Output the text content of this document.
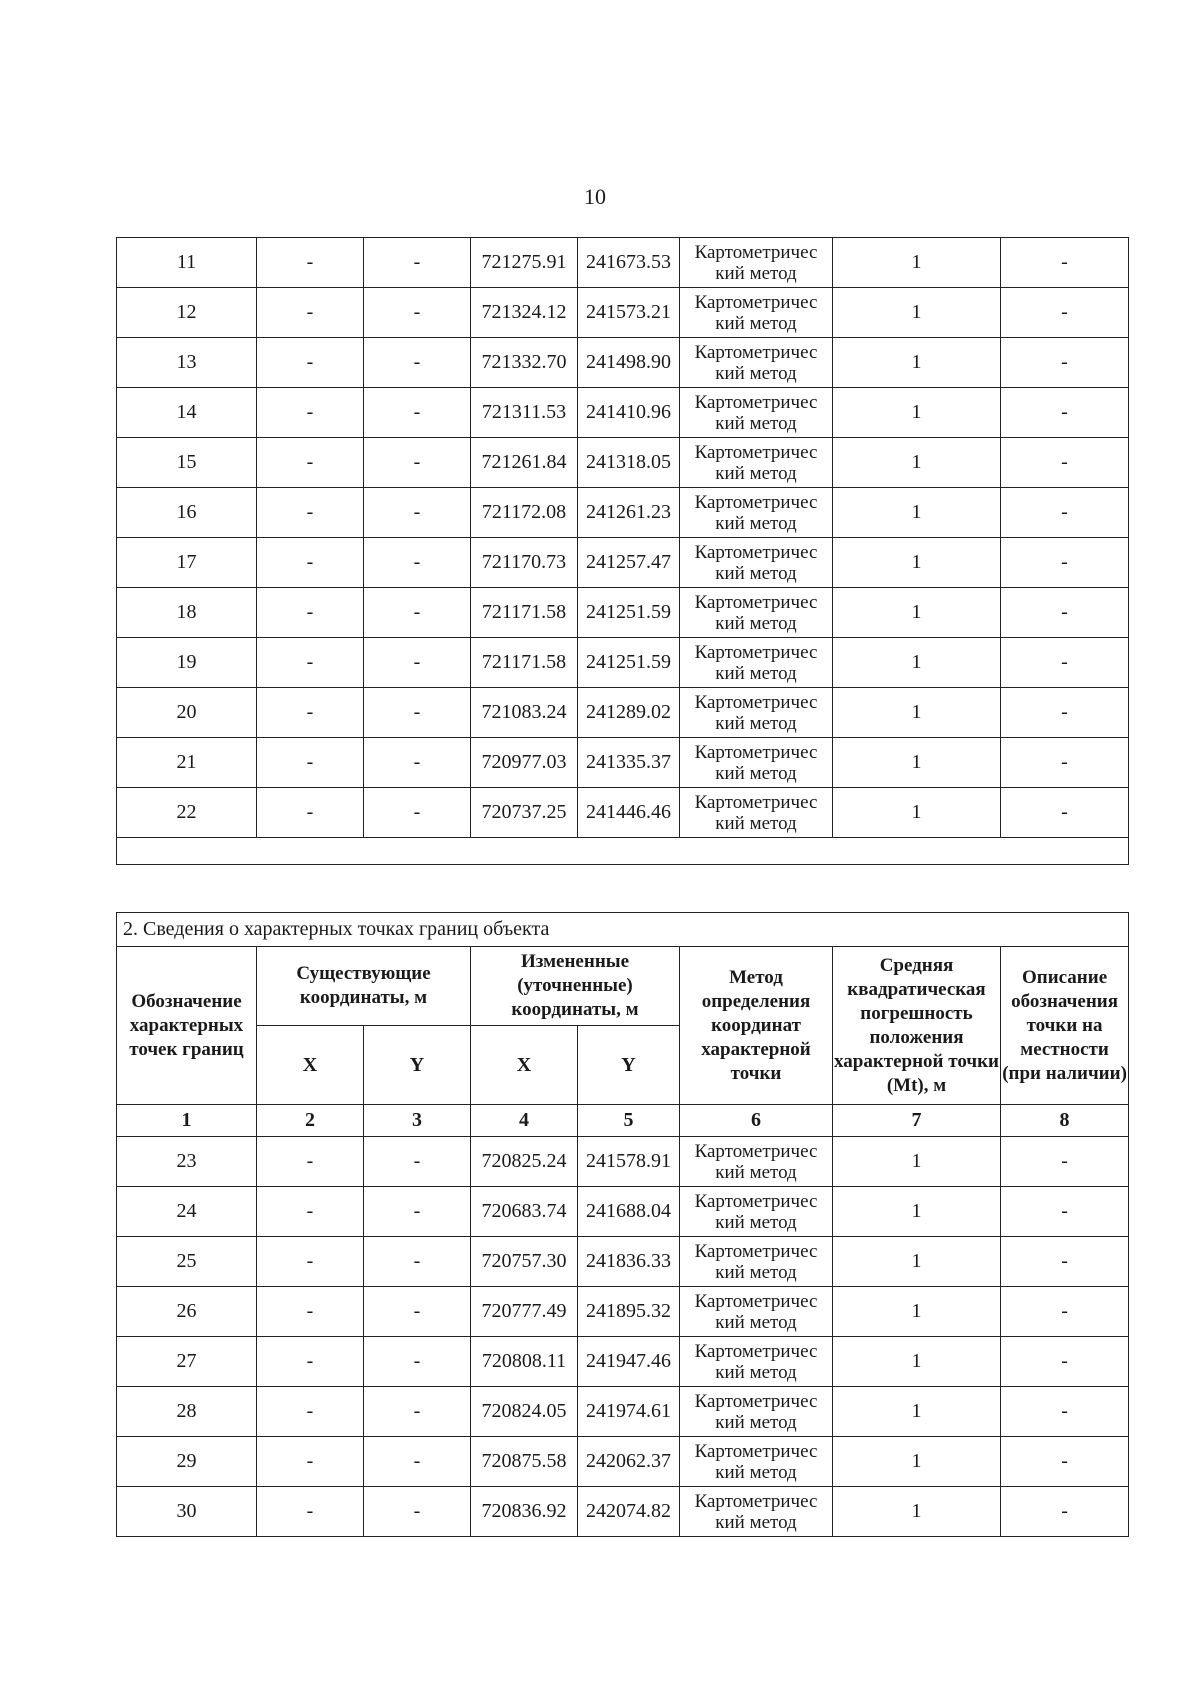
10
11	-	-	721275.91	241673.53	Картометричес
кий метод	1	-
12	-	-	721324.12	241573.21	Картометричес
кий метод	1	-
13	-	-	721332.70	241498.90	Картометричес
кий метод	1	-
14	-	-	721311.53	241410.96	Картометричес
кий метод	1	-
15	-	-	721261.84	241318.05	Картометричес
кий метод	1	-
16	-	-	721172.08	241261.23	Картометричес
кий метод	1	-
17	-	-	721170.73	241257.47	Картометричес
кий метод	1	-
18	-	-	721171.58	241251.59	Картометричес
кий метод	1	-
19	-	-	721171.58	241251.59	Картометричес
кий метод	1	-
20	-	-	721083.24	241289.02	Картометричес
кий метод	1	-
21	-	-	720977.03	241335.37	Картометричес
кий метод	1	-
22	-	-	720737.25	241446.46	Картометричес
кий метод	1	-

2. Сведения о характерных точках границ объекта							
Обозначение характерных точек границ	Существующие координаты, м		Измененные (уточненные) координаты, м		Метод определения координат характерной точки	Средняя квадратическая погрешность положения характерной точки (Mt), м	Описание обозначения точки на местности (при наличии)
	X	Y	X	Y			
1	2	3	4	5	6	7	8
23	-	-	720825.24	241578.91	Картометричес
кий метод	1	-
24	-	-	720683.74	241688.04	Картометричес
кий метод	1	-
25	-	-	720757.30	241836.33	Картометричес
кий метод	1	-
26	-	-	720777.49	241895.32	Картометричес
кий метод	1	-
27	-	-	720808.11	241947.46	Картометричес
кий метод	1	-
28	-	-	720824.05	241974.61	Картометричес
кий метод	1	-
29	-	-	720875.58	242062.37	Картометричес
кий метод	1	-
30	-	-	720836.92	242074.82	Картометричес
кий метод	1	-
